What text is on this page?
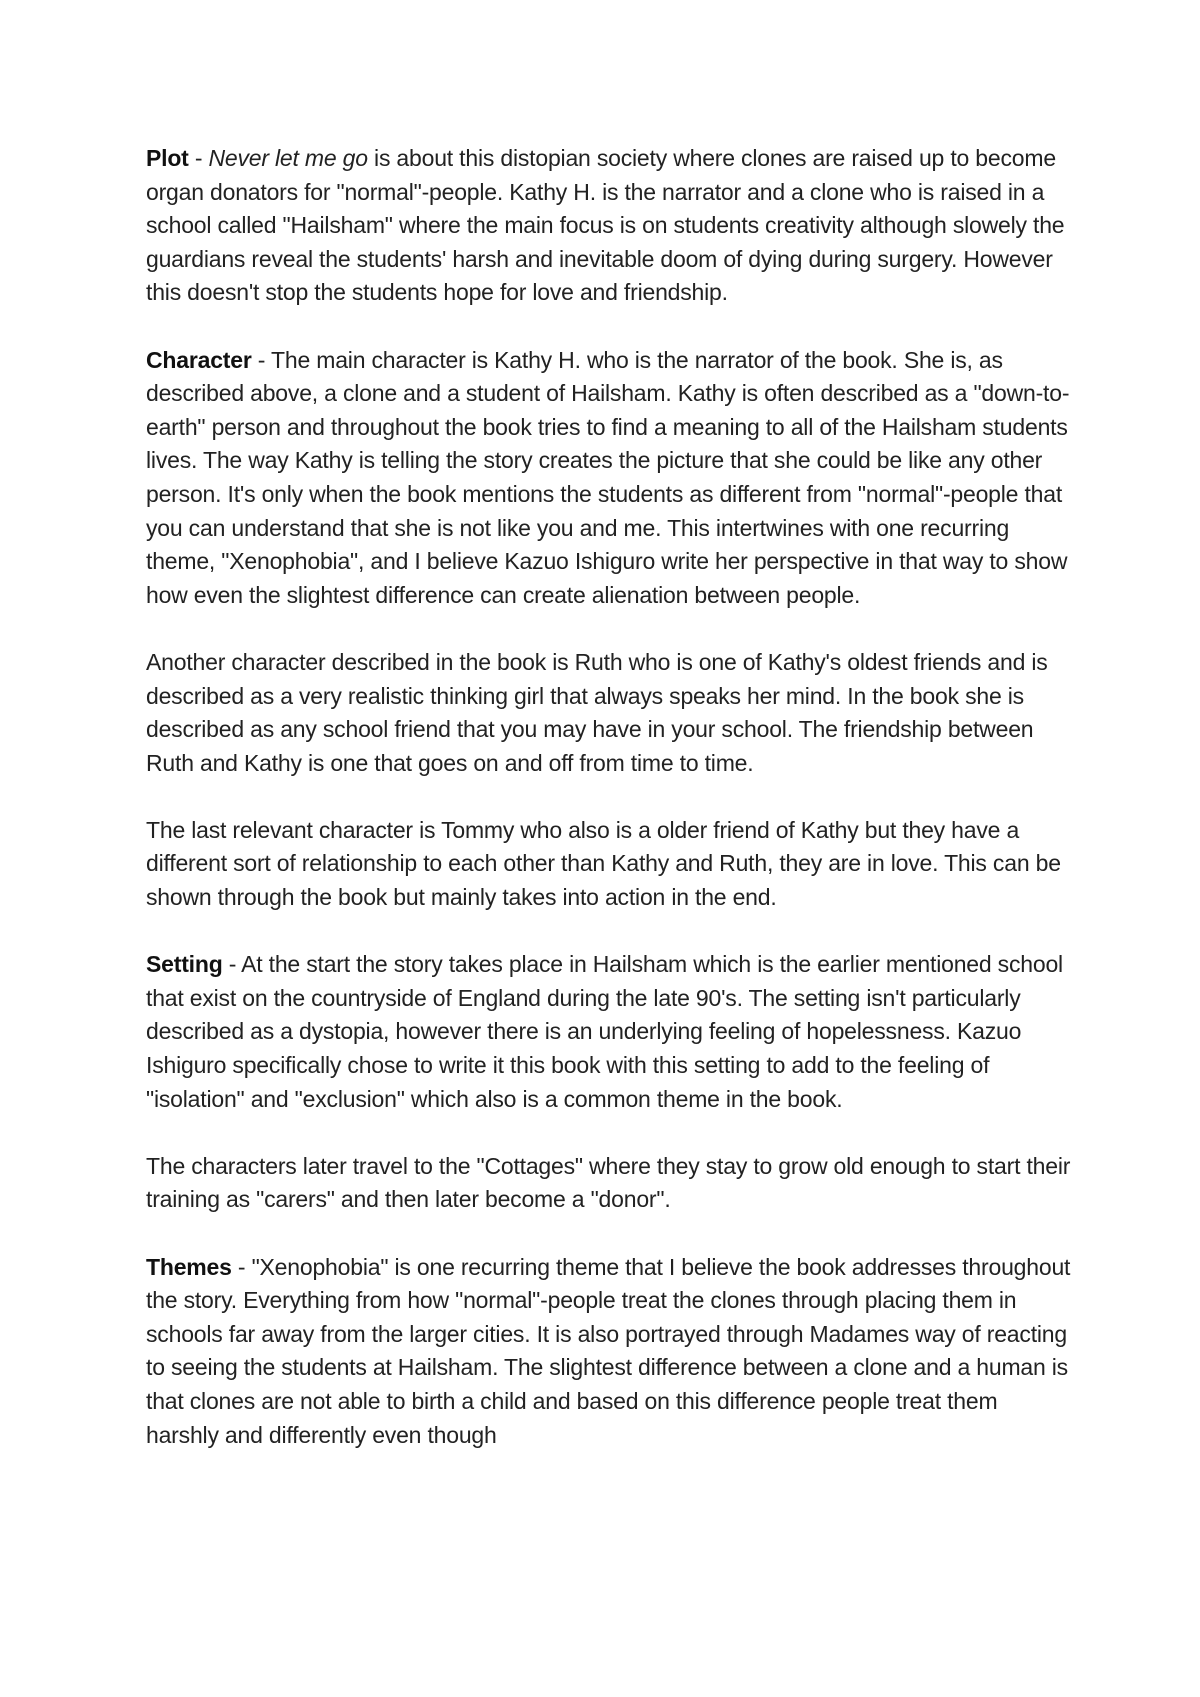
Plot - Never let me go is about this distopian society where clones are raised up to become organ donators for "normal"-people. Kathy H. is the narrator and a clone who is raised in a school called "Hailsham" where the main focus is on students creativity although slowely the guardians reveal the students' harsh and inevitable doom of dying during surgery. However this doesn't stop the students hope for love and friendship.

Character - The main character is Kathy H. who is the narrator of the book. She is, as described above, a clone and a student of Hailsham. Kathy is often described as a "down-to-earth" person and throughout the book tries to find a meaning to all of the Hailsham students lives. The way Kathy is telling the story creates the picture that she could be like any other person. It's only when the book mentions the students as different from "normal"-people that you can understand that she is not like you and me. This intertwines with one recurring theme, "Xenophobia", and I believe Kazuo Ishiguro write her perspective in that way to show how even the slightest difference can create alienation between people.

Another character described in the book is Ruth who is one of Kathy's oldest friends and is described as a very realistic thinking girl that always speaks her mind. In the book she is described as any school friend that you may have in your school. The friendship between Ruth and Kathy is one that goes on and off from time to time.

The last relevant character is Tommy who also is a older friend of Kathy but they have a different sort of relationship to each other than Kathy and Ruth, they are in love. This can be shown through the book but mainly takes into action in the end.

Setting - At the start the story takes place in Hailsham which is the earlier mentioned school that exist on the countryside of England during the late 90's. The setting isn't particularly described as a dystopia, however there is an underlying feeling of hopelessness. Kazuo Ishiguro specifically chose to write it this book with this setting to add to the feeling of "isolation" and "exclusion" which also is a common theme in the book.

The characters later travel to the "Cottages" where they stay to grow old enough to start their training as "carers" and then later become a "donor".

Themes - "Xenophobia" is one recurring theme that I believe the book addresses throughout the story. Everything from how "normal"-people treat the clones through placing them in schools far away from the larger cities. It is also portrayed through Madames way of reacting to seeing the students at Hailsham. The slightest difference between a clone and a human is that clones are not able to birth a child and based on this difference people treat them harshly and differently even though
